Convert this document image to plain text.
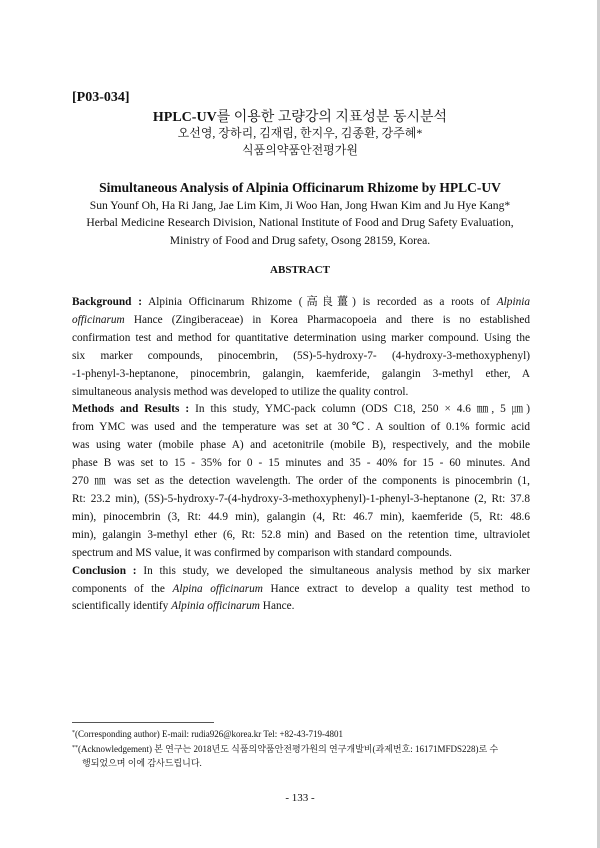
[P03-034]
HPLC-UV를 이용한 고량강의 지표성분 동시분석
오선영, 장하리, 김재림, 한지우, 김종환, 강주혜*
식품의약품안전평가원
Simultaneous Analysis of Alpinia Officinarum Rhizome by HPLC-UV
Sun Younf Oh, Ha Ri Jang, Jae Lim Kim, Ji Woo Han, Jong Hwan Kim and Ju Hye Kang*
Herbal Medicine Research Division, National Institute of Food and Drug Safety Evaluation,
Ministry of Food and Drug safety, Osong 28159, Korea.
ABSTRACT
Background : Alpinia Officinarum Rhizome (高良薑) is recorded as a roots of Alpinia
officinarum Hance (Zingiberaceae) in Korea Pharmacopoeia and there is no established
confirmation test and method for quantitative determination using marker compound. Using the
six marker compounds, pinocembrin, (5S)-5-hydroxy-7- (4-hydroxy-3-methoxyphenyl)
-1-phenyl-3-heptanone, pinocembrin, galangin, kaemferide, galangin 3-methyl ether, A
simultaneous analysis method was developed to utilize the quality control.
Methods and Results : In this study, YMC-pack column (ODS C18, 250 × 4.6 ㎜, 5 ㎛)
from YMC was used and the temperature was set at 30℃. A soultion of 0.1% formic acid
was using water (mobile phase A) and acetonitrile (mobile B), respectively, and the mobile
phase B was set to 15 - 35% for 0 - 15 minutes and 35 - 40% for 15 - 60 minutes. And
270 ㎚ was set as the detection wavelength. The order of the components is pinocembrin (1,
Rt: 23.2 min), (5S)-5-hydroxy-7-(4-hydroxy-3-methoxyphenyl)-1-phenyl-3-heptanone (2, Rt: 37.8
min), pinocembrin (3, Rt: 44.9 min), galangin (4, Rt: 46.7 min), kaemferide (5, Rt: 48.6
min), galangin 3-methyl ether (6, Rt: 52.8 min) and Based on the retention time, ultraviolet
spectrum and MS value, it was confirmed by comparison with standard compounds.
Conclusion : In this study, we developed the simultaneous analysis method by six marker
components of the Alpina officinarum Hance extract to develop a quality test method to
scientifically identify Alpinia officinarum Hance.
*(Corresponding author) E-mail: rudia926@korea.kr Tel: +82-43-719-4801
**(Acknowledgement) 본 연구는 2018년도 식품의약품안전평가원의 연구개발비(과제번호: 16171MFDS228)로 수
행되었으며 이에 감사드립니다.
- 133 -
